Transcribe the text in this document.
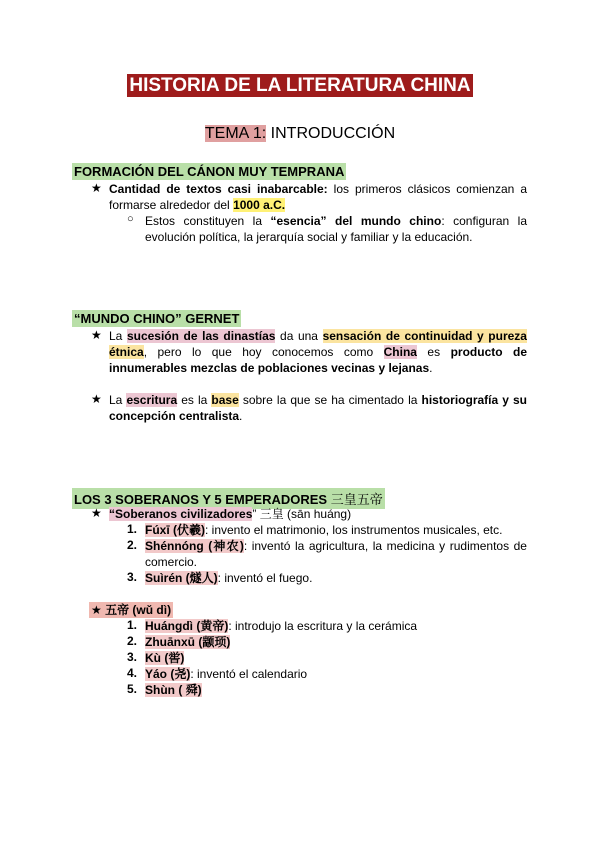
HISTORIA DE LA LITERATURA CHINA
TEMA 1: INTRODUCCIÓN
FORMACIÓN DEL CÁNON MUY TEMPRANA
★ Cantidad de textos casi inabarcable: los primeros clásicos comienzan a
formarse alrededor del 1000 a.C.
○ Estos constituyen la “esencia” del mundo chino: configuran la
evolución política, la jerarquía social y familiar y la educación.
“MUNDO CHINO” GERNET
★ La sucesión de las dinastías da una sensación de continuidad y pureza
étnica, pero lo que hoy conocemos como China es producto de
innumerables mezclas de poblaciones vecinas y lejanas.
★ La escritura es la base sobre la que se ha cimentado la historiografía y su
concepción centralista.
LOS 3 SOBERANOS Y 5 EMPERADORES 三皇五帝
★ “Soberanos civilizadores” 三皇 (sān huáng)
1. Fúxī (伏羲): invento el matrimonio, los instrumentos musicales, etc.
2. Shénnóng (神农): inventó la agricultura, la medicina y rudimentos de
comercio.
3. Suìrén (燧人): inventó el fuego.
★ 五帝 (wǔ dì)
1. Huángdì (黄帝): introdujo la escritura y la cerámica
2. Zhuānxū (颛顼)
3. Kù (喾)
4. Yáo (尧): inventó el calendario
5. Shùn ( 舜)
